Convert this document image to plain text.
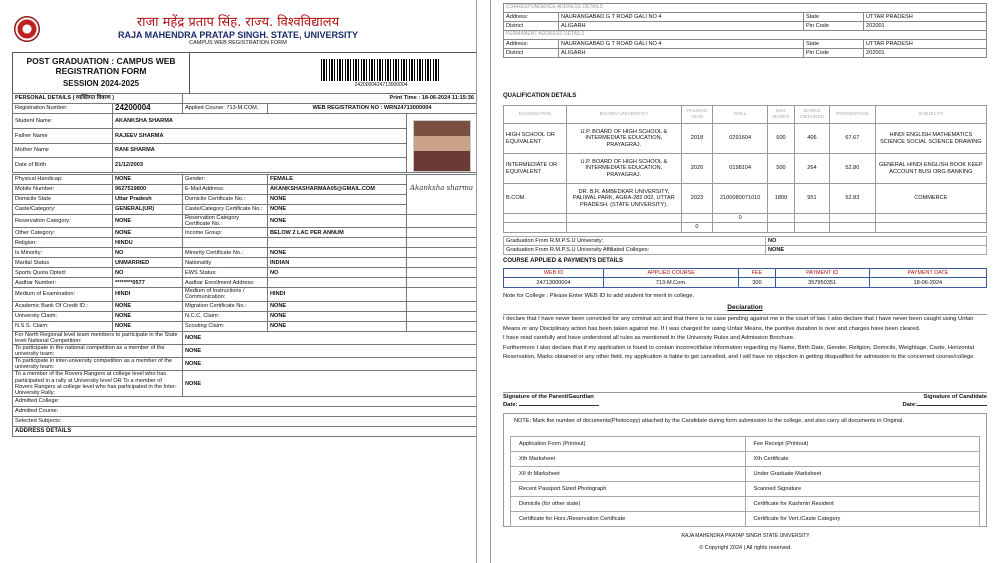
राजा महेंद्र प्रताप सिंह. राज्य. विश्वविद्यालय
RAJA MAHENDRA PRATAP SINGH. STATE, UNIVERSITY
CAMPUS WEB REGISTRATION FORM
POST GRADUATION : CAMPUS WEB REGISTRATION FORM
SESSION 2024-2025	2420000424713000004
PERSONAL DETAILS ( व्यक्तिगत विवरण )		Print Time : 18-06-2024 11:15:36		
Registration Number:	24200004	Applied Course: 713-M.COM.	WEB REGISTRATION NO : WRN24713000004	
Student Name:	AKANKSHA SHARMA			

Father Name	RAJEEV SHARMA			
Mother Name	RANI SHARMA			
Date of Birth	21/12/2003			
Physical Handicap:	NONE	Gender:	FEMALE	Akanksha sharma

Mobile Number:	9627519800	E-Mail Address:	AKANKSHASHARMAA05@GMAIL.COM	
Domicile State	Uttar Pradesh	Domicile Certificate No.:	NONE	
Caste/Category:	GENERAL(UR)	Caste/Category Certificate No.:	NONE	
Reservation Category:	NONE	Reservation Category Certificate No.:	NONE	
Other Category:	NONE	Income Group:	BELOW 2 LAC PER ANNUM	
Religion:	HINDU			
Is Minority:	NO	Minority Certificate No.:	NONE	
Marital Status	UNMARRIED	Nationality	INDIAN	
Sports Quota Opted:	NO	EWS Status:	NO	
Aadhar Number:	********0577	Aadhar Enrollment Address:		
Medium of Examination:	HINDI	Medium of Instructions / Communication:	HINDI	
Academic Bank Of Credit ID.:	NONE	Migration Certificate No.:	NONE	
University Claim:	NONE	N.C.C. Claim:	NONE	
N.S.S. Claim:	NONE	Scouting Claim:	NONE	
For North Regional level team members to participate in the State level National Competition:		NONE		
To participate in the national competition as a member of the university team:		NONE		
To participate in inter-university competition as a member of the university team:		NONE		
To a member of the Rovers Rangers at college level who has participated in a rally at University level OR To a member of Rovers Rangers at college level who has participated in the Inter-University Rally:		NONE		
Admitted College:				
Admitted Course:				
Selected Subjects:				
ADDRESS DETAILS				
CORRESPONDENCE ADDRESS DETAILS			
Address:	NAURANGABAD G T ROAD GALI NO 4	State	UTTAR PRADESH
District	ALIGARH	Pin Code	202001
PERMANENT ADDRESS DETAILS			
Address:	NAURANGABAD G T ROAD GALI NO 4	State	UTTAR PRADESH
District	ALIGARH	Pin Code	202001
QUALIFICATION DETAILS
EXAMINATION	BOARD/ UNIVERSITY	PASSING YEAR	ROLL	MAX MARKS	MARKS OBTAINED	PERCENTAGE	SUBJECTS
HIGH SCHOOL OR EQUIVALENT	U.P. BOARD OF HIGH SCHOOL & INTERMEDIATE EDUCATION, PRAYAGRAJ.	2018	0291604	600	406	67.67	HINDI ENGLISH MATHEMATICS SCIENCE SOCIAL SCIENCE DRAWING
INTERMEDIATE OR EQUIVALENT	U.P. BOARD OF HIGH SCHOOL & INTERMEDIATE EDUCATION, PRAYAGRAJ.	2020	0198104	500	264	52.80	GENERAL HINDI ENGLISH BOOK KEEP ACCOUNT BUSI ORG BANKING
B.COM.	DR. B.R. AMBEDKAR UNIVERSITY, PALIWAL PARK, AGRA-282 002, UTTAR PRADESH. (STATE UNIVERSITY).	2023	2100080071010	1800	951	52.83	COMMERCE
			0				
		0					
Graduation From R.M.P.S.U University:	NO
Graduation From R.M.P.S.U University Affiliated Colleges:	NONE
COURSE APPLIED & PAYMENTS DETAILS
WEB ID	APPLIED COURSE	FEE	PAYMENT ID	PAYMENT DATE
24713000004	713-M.Com.	300	357950351	18-06-2024
Note for College : Please Enter WEB ID to add student for merit in college.
Declaration
I declare that I have never been convicted for any criminal act and that there is no case pending against me in the court of law. I also declare that I have never been caught using Unfair Means or any Disciplinary action has been taken against me. If I was charged for using Unfair Means, the punitive duration is over and charges have been cleared.
I have read carefully and have understood all rules as mentioned in the University Rules and Admission Brochure.
Furthermore I also declare that if my application is found to contain incorrect/false information regarding my Name, Birth Date, Gender, Religion, Domicile, Weightage, Caste, Horizontal Reservation, Marks obtained or any other field, my application is liable to get cancelled, and I will have no objection in getting disqualified for admission to the concerned course/college.
Signature of the Parent/Gaurdian	Signature of Candidate
Date:	Date:
NOTE: Mark the number of documents(Photocopy) attached by the Candidate during form submission to the college, and also carry all documents in Original.
Application Form (Printout)	Fee Receipt (Printout)
Xth Marksheet	Xth Certificate
XII th Marksheet	Under Graduate Marksheet
Recent Passport Sized Photograph	Scanned Signature
Domicile (for other state)	Certificate for Kashmiri Resident
Certificate for Horz./Reservation Certificate	Certificate for Vert./Caste Category
RAJA MAHENDRA PRATAP SINGH STATE UNIVERSITY
© Copyright 2024 | All rights reserved.
